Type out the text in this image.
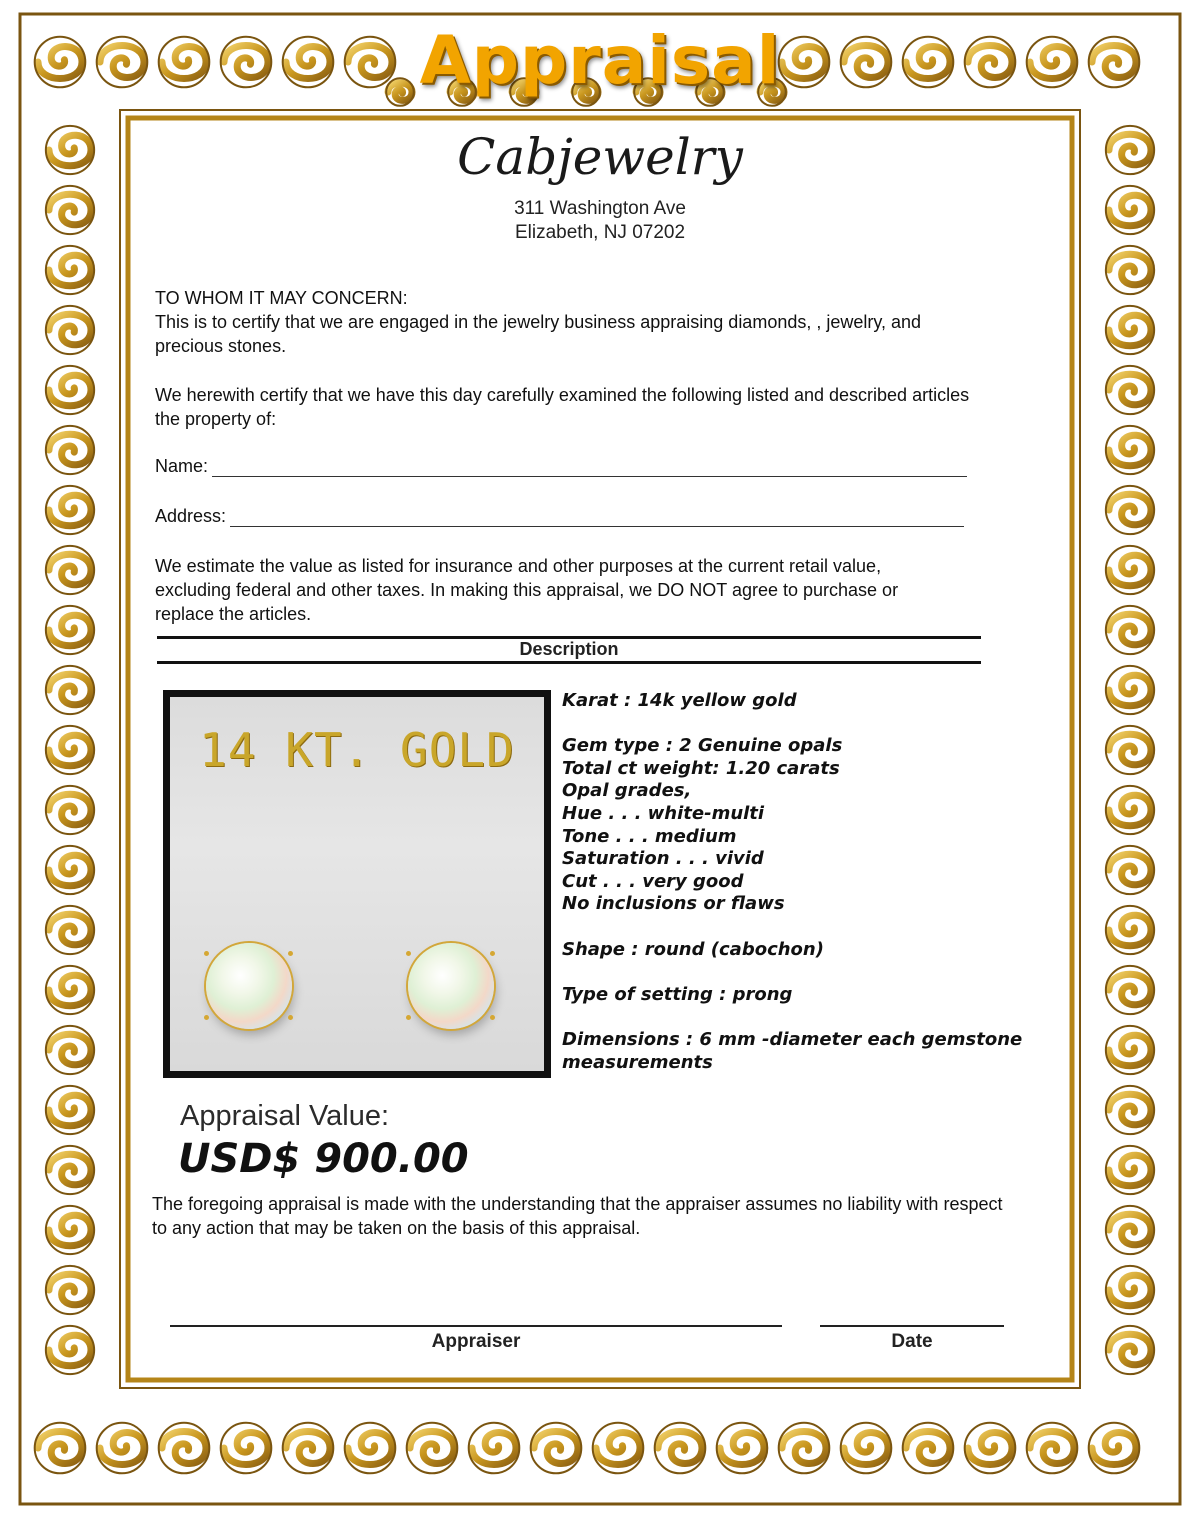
Appraisal
Cabjewelry
311 Washington Ave
Elizabeth, NJ 07202
TO WHOM IT MAY CONCERN:
This is to certify that we are engaged in the jewelry business appraising diamonds, , jewelry, and precious stones.
We herewith certify that we have this day carefully examined the following listed and described articles the property of:
Name:
Address:
We estimate the value as listed for insurance and other purposes at the current retail value, excluding federal and other taxes. In making this appraisal, we DO NOT agree to purchase or replace the articles.
Description
14 KT. GOLD
Karat : 14k yellow gold
Gem type : 2 Genuine opals
Total ct weight: 1.20 carats
Opal grades,
Hue . . . white-multi
Tone . . . medium
Saturation . . . vivid
Cut . . . very good
No inclusions or flaws
Shape : round (cabochon)
Type of setting : prong
Dimensions : 6 mm -diameter each gemstone measurements
Appraisal Value:
USD$ 900.00
The foregoing appraisal is made with the understanding that the appraiser assumes no liability with respect to any action that may be taken on the basis of this appraisal.
Appraiser	Date
